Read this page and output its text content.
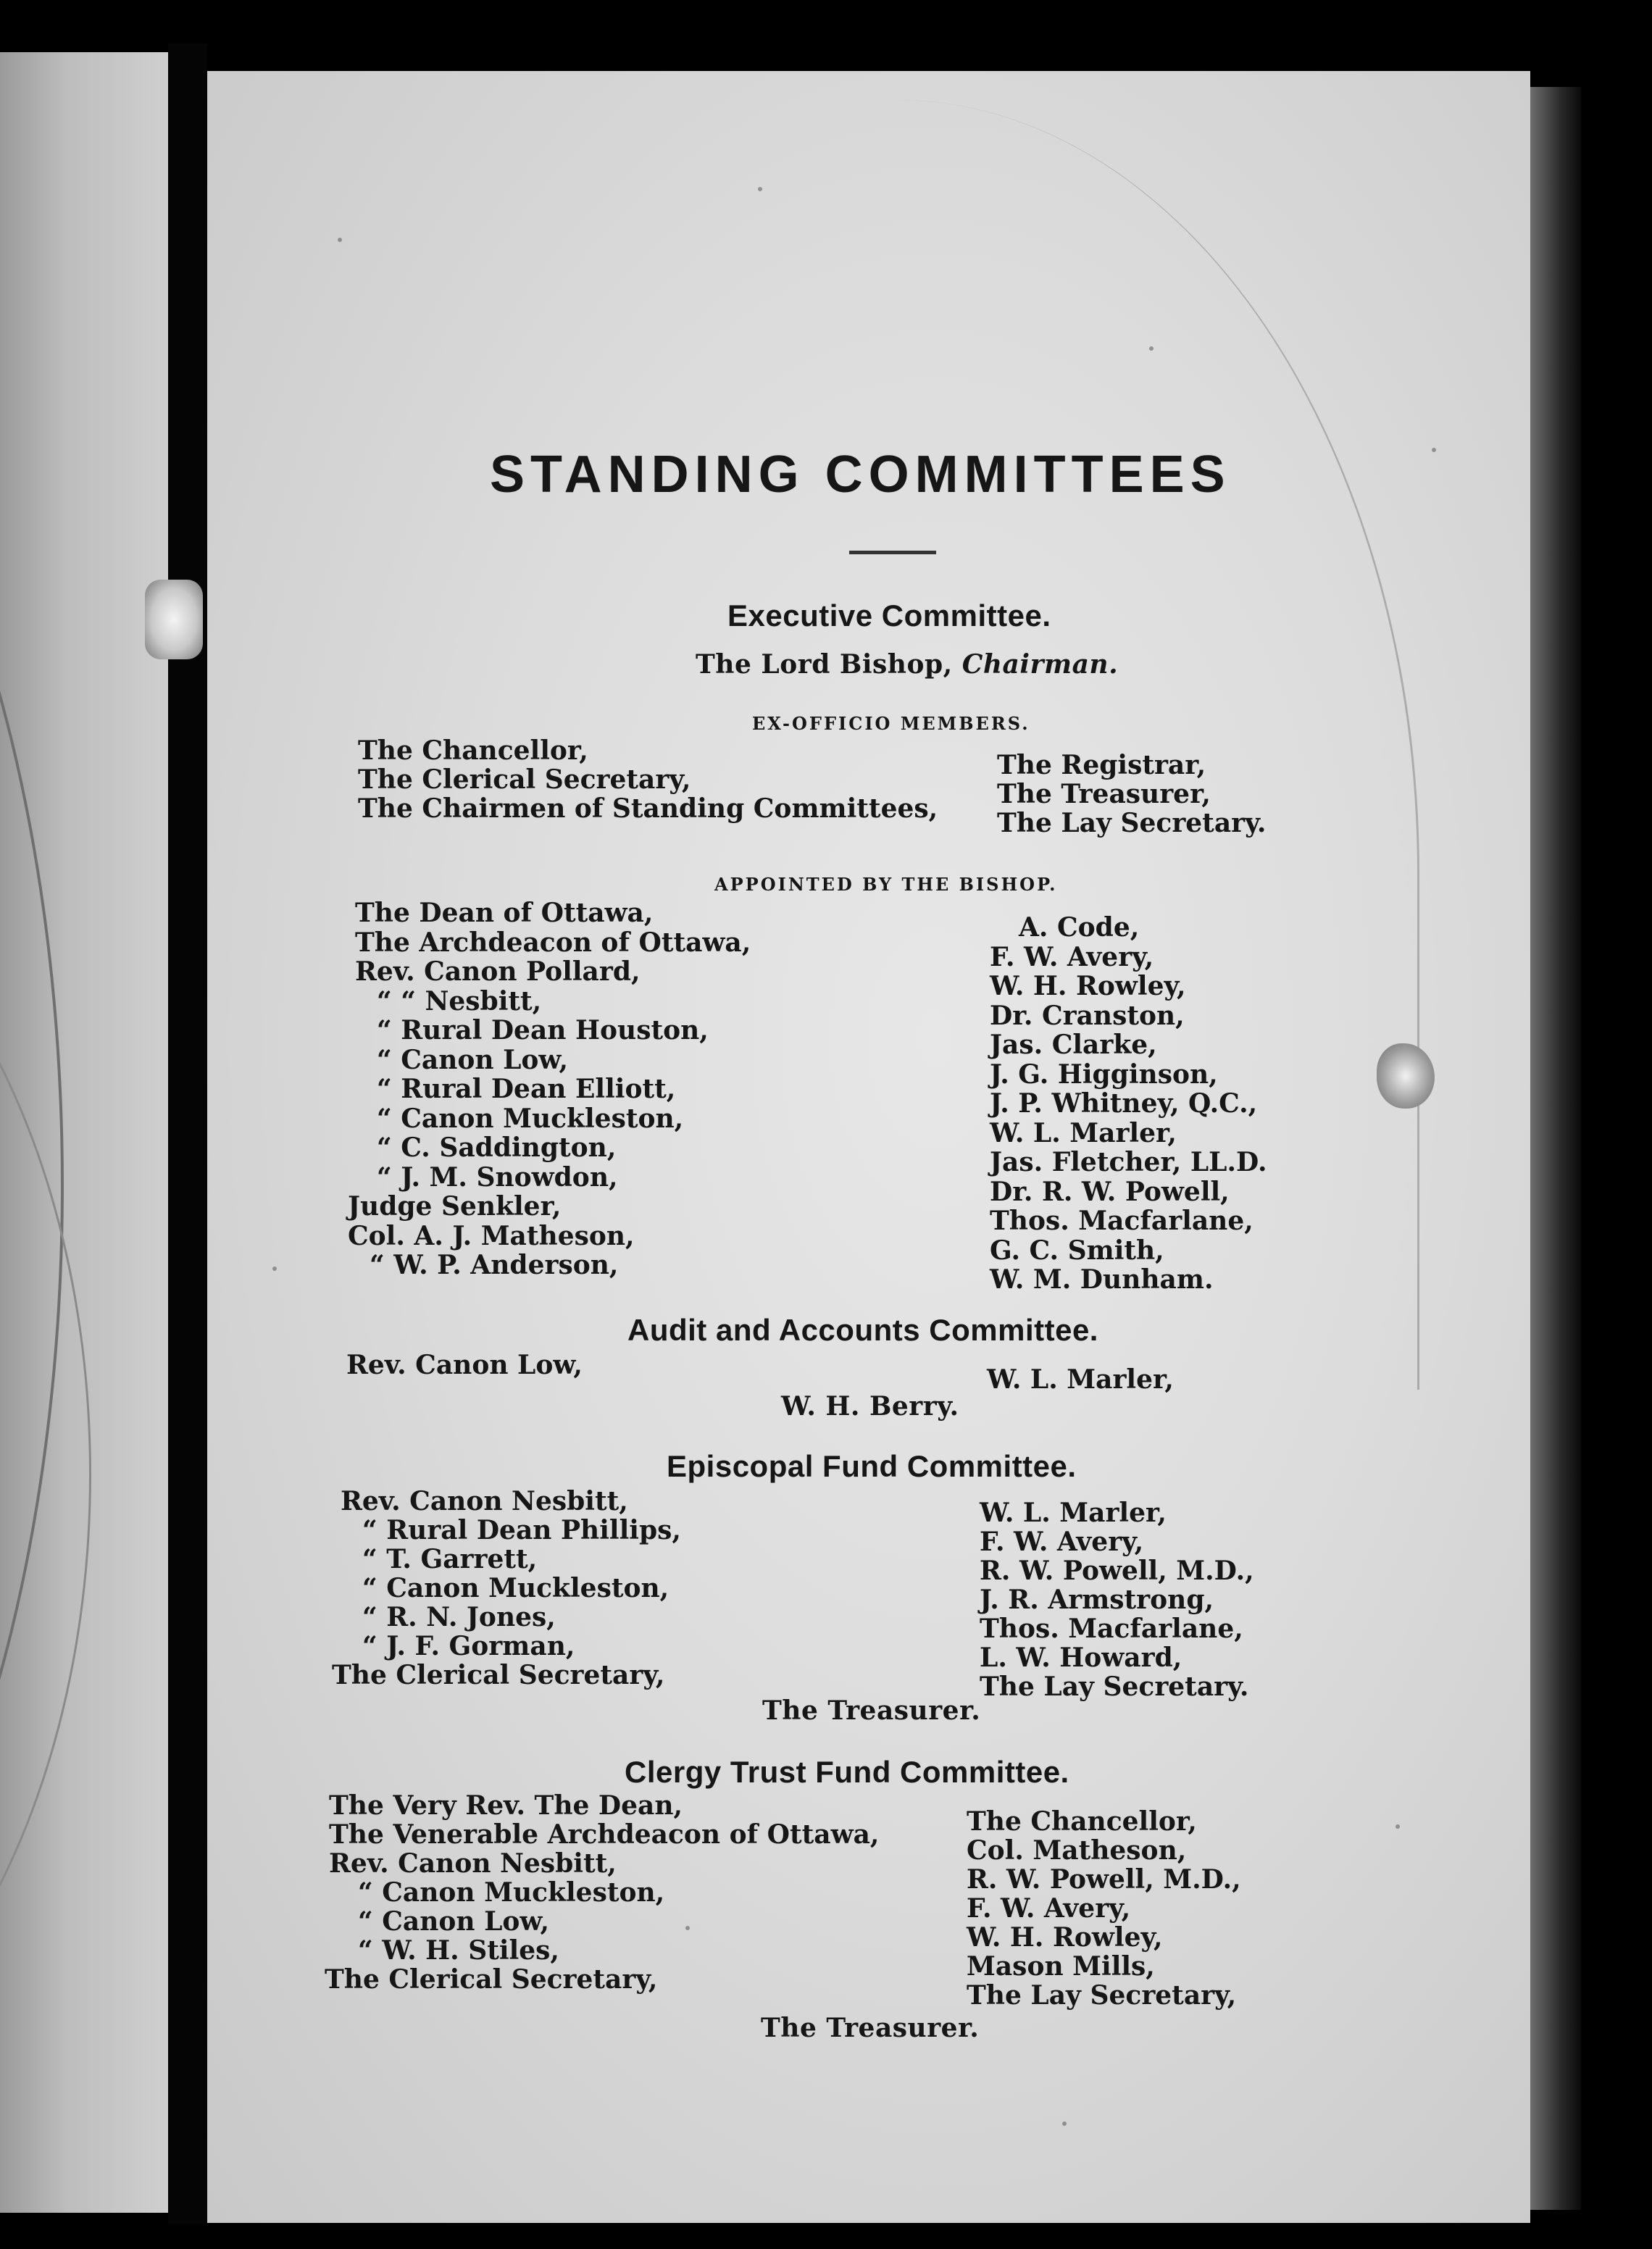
STANDING COMMITTEES
Executive Committee.
The Lord Bishop, Chairman.
EX-OFFICIO MEMBERS.
The Chancellor,
The Clerical Secretary,
The Chairmen of Standing Committees,
The Registrar,
The Treasurer,
The Lay Secretary.
APPOINTED BY THE BISHOP.
The Dean of Ottawa,
The Archdeacon of Ottawa,
Rev. Canon Pollard,
“ “ Nesbitt,
“ Rural Dean Houston,
“ Canon Low,
“ Rural Dean Elliott,
“ Canon Muckleston,
“ C. Saddington,
“ J. M. Snowdon,
Judge Senkler,
Col. A. J. Matheson,
“ W. P. Anderson,
A. Code,
F. W. Avery,
W. H. Rowley,
Dr. Cranston,
Jas. Clarke,
J. G. Higginson,
J. P. Whitney, Q.C.,
W. L. Marler,
Jas. Fletcher, LL.D.
Dr. R. W. Powell,
Thos. Macfarlane,
G. C. Smith,
W. M. Dunham.
Audit and Accounts Committee.
Rev. Canon Low,	W. L. Marler,
W. H. Berry.
Episcopal Fund Committee.
Rev. Canon Nesbitt,
“ Rural Dean Phillips,
“ T. Garrett,
“ Canon Muckleston,
“ R. N. Jones,
“ J. F. Gorman,
The Clerical Secretary,
W. L. Marler,
F. W. Avery,
R. W. Powell, M.D.,
J. R. Armstrong,
Thos. Macfarlane,
L. W. Howard,
The Lay Secretary.
The Treasurer.
Clergy Trust Fund Committee.
The Very Rev. The Dean,
The Venerable Archdeacon of Ottawa,
Rev. Canon Nesbitt,
“ Canon Muckleston,
“ Canon Low,
“ W. H. Stiles,
The Clerical Secretary,
The Chancellor,
Col. Matheson,
R. W. Powell, M.D.,
F. W. Avery,
W. H. Rowley,
Mason Mills,
The Lay Secretary,
The Treasurer.
